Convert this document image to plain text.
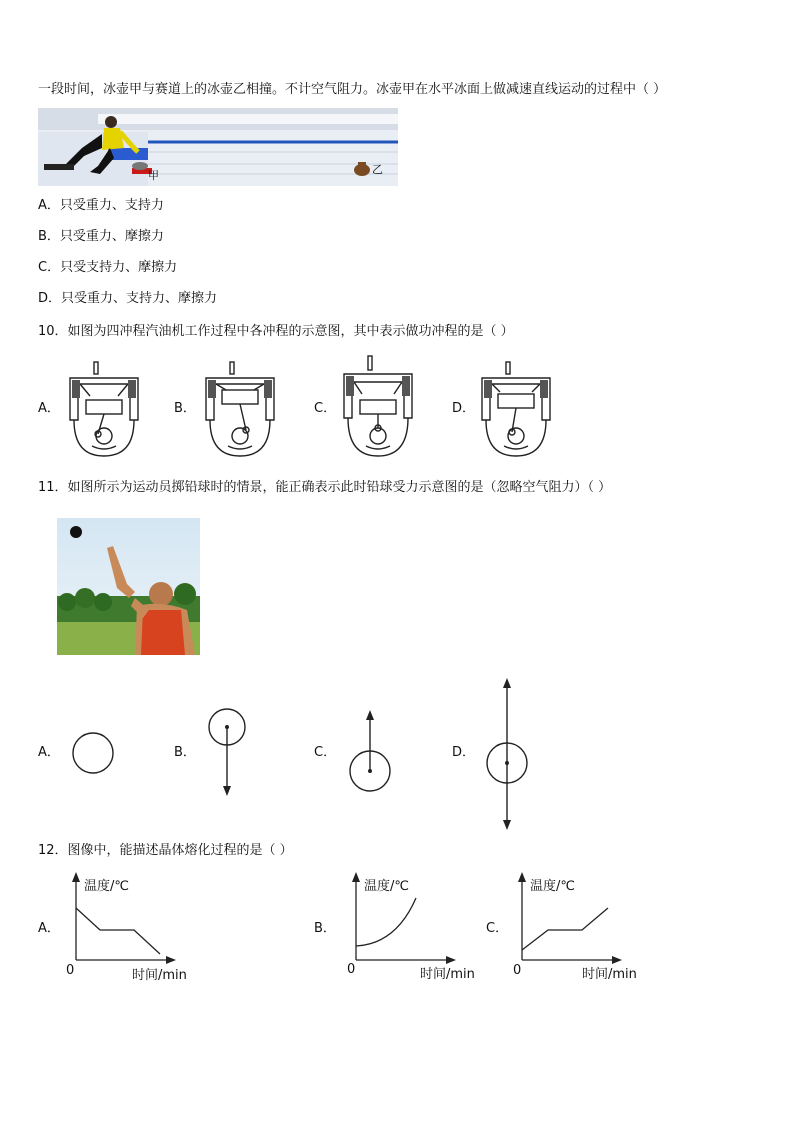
一段时间，冰壶甲与赛道上的冰壶乙相撞。不计空气阻力。冰壶甲在水平冰面上做减速直线运动的过程中（ ）
甲	乙
A．只受重力、支持力
B．只受重力、摩擦力
C．只受支持力、摩擦力
D．只受重力、支持力、摩擦力
10．如图为四冲程汽油机工作过程中各冲程的示意图，其中表示做功冲程的是（ ）
A．	B．	C．	D．
11．如图所示为运动员掷铅球时的情景，能正确表示此时铅球受力示意图的是（忽略空气阻力）（ ）
A．	B．	C．	D．
12．图像中，能描述晶体熔化过程的是（ ）
A．	B．	C．
温度/℃
0	时间/min
温度/℃
0	时间/min
温度/℃
0	时间/min
